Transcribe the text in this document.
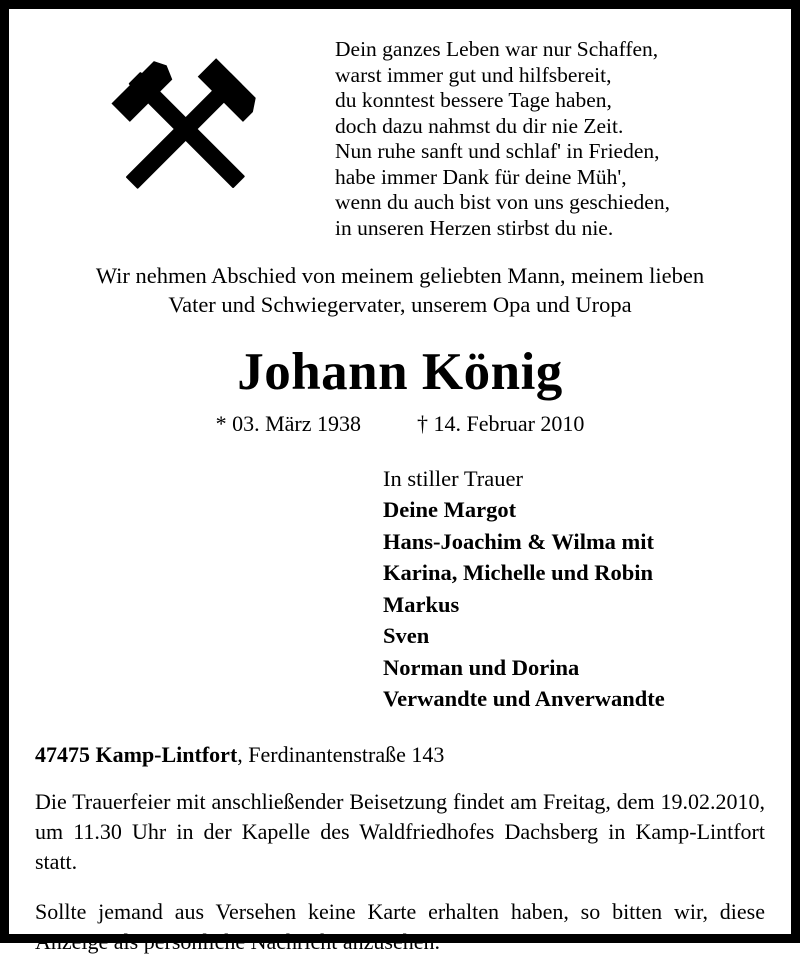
Dein ganzes Leben war nur Schaffen,
warst immer gut und hilfsbereit,
du konntest bessere Tage haben,
doch dazu nahmst du dir nie Zeit.
Nun ruhe sanft und schlaf' in Frieden,
habe immer Dank für deine Müh',
wenn du auch bist von uns geschieden,
in unseren Herzen stirbst du nie.
Wir nehmen Abschied von meinem geliebten Mann, meinem lieben
Vater und Schwiegervater, unserem Opa und Uropa
Johann König
* 03. März 1938	† 14. Februar 2010
In stiller Trauer
Deine Margot
Hans-Joachim & Wilma mit
Karina, Michelle und Robin
Markus
Sven
Norman und Dorina
Verwandte und Anverwandte
47475 Kamp-Lintfort, Ferdinantenstraße 143
Die Trauerfeier mit anschließender Beisetzung findet am Freitag, dem 19.02.2010, um 11.30 Uhr in der Kapelle des Waldfriedhofes Dachsberg in Kamp-Lintfort statt.
Sollte jemand aus Versehen keine Karte erhalten haben, so bitten wir, diese Anzeige als persönliche Nachricht anzusehen.
